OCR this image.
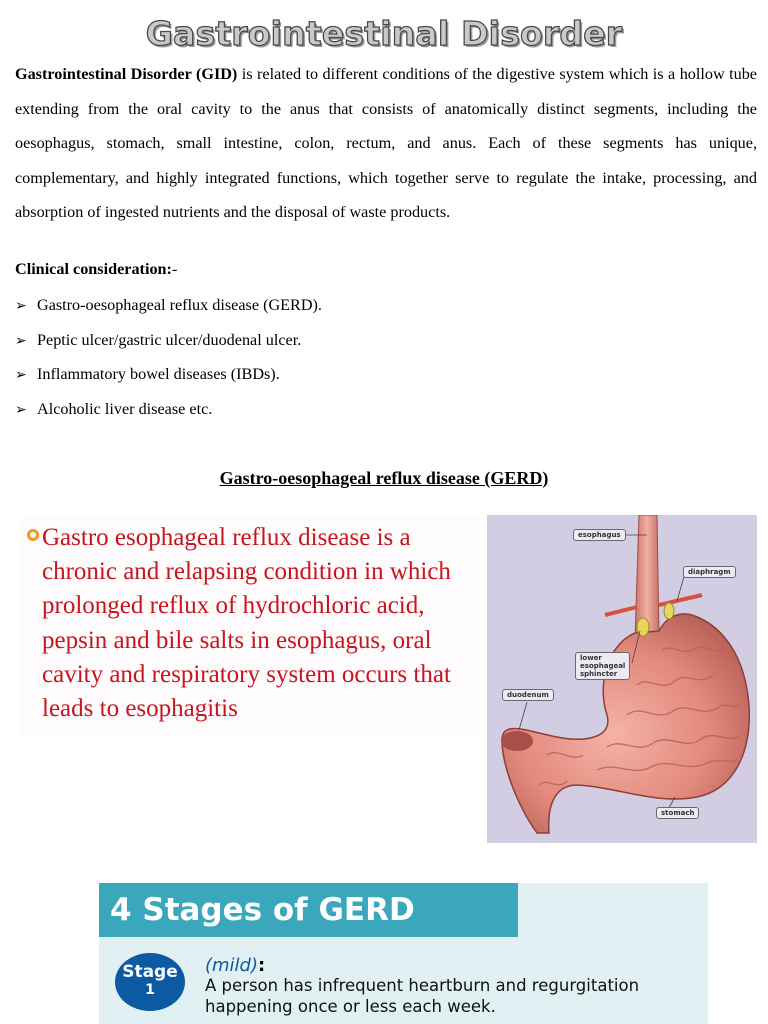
Gastrointestinal Disorder

Gastrointestinal Disorder (GID) is related to different conditions of the digestive system which is a hollow tube extending from the oral cavity to the anus that consists of anatomically distinct segments, including the oesophagus, stomach, small intestine, colon, rectum, and anus. Each of these segments has unique, complementary, and highly integrated functions, which together serve to regulate the intake, processing, and absorption of ingested nutrients and the disposal of waste products.

Clinical consideration:-
➢ Gastro-oesophageal reflux disease (GERD).
➢ Peptic ulcer/gastric ulcer/duodenal ulcer.
➢ Inflammatory bowel diseases (IBDs).
➢ Alcoholic liver disease etc.
Gastro-oesophageal reflux disease (GERD)

Gastro esophageal reflux disease is a chronic and relapsing condition in which prolonged reflux of hydrochloric acid, pepsin and bile salts in esophagus, oral cavity and respiratory system occurs that leads to esophagitis

esophagus
diaphragm
lower
esophageal
sphincter
duodenum
stomach
4 Stages of GERD
Stage
1
(mild):

A person has infrequent heartburn and regurgitation happening once or less each week.
